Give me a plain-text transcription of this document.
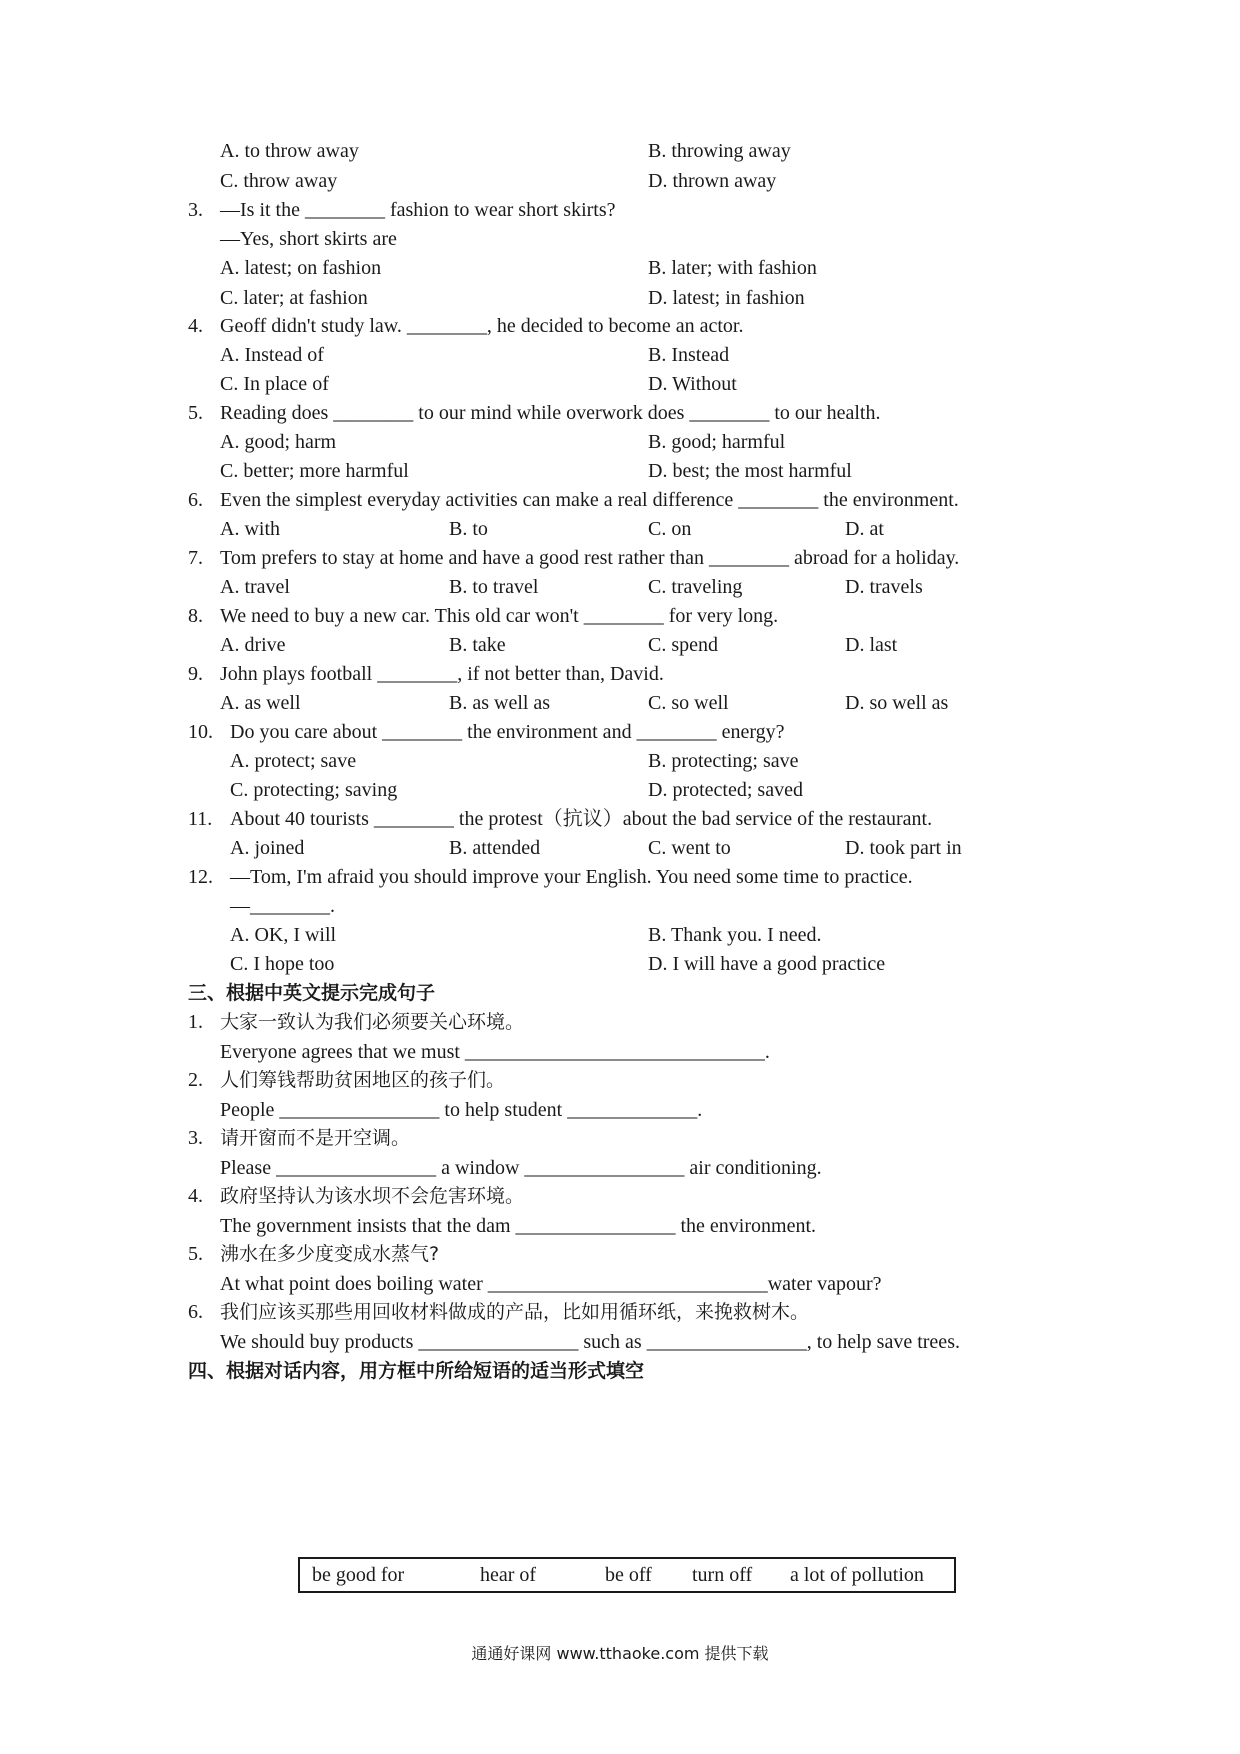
A. to throw away	B. throwing away
C. throw away	D. thrown away
3. —Is it the ________ fashion to wear short skirts?
—Yes, short skirts are
A. latest; on fashion	B. later; with fashion
C. later; at fashion	D. latest; in fashion
4. Geoff didn't study law. ________, he decided to become an actor.
A. Instead of	B. Instead
C. In place of	D. Without
5. Reading does ________ to our mind while overwork does ________ to our health.
A. good; harm	B. good; harmful
C. better; more harmful	D. best; the most harmful
6. Even the simplest everyday activities can make a real difference ________ the environment.
A. with	B. to	C. on	D. at
7. Tom prefers to stay at home and have a good rest rather than ________ abroad for a holiday.
A. travel	B. to travel	C. traveling	D. travels
8. We need to buy a new car. This old car won't ________ for very long.
A. drive	B. take	C. spend	D. last
9. John plays football ________, if not better than, David.
A. as well	B. as well as	C. so well	D. so well as
10. Do you care about ________ the environment and ________ energy?
A. protect; save	B. protecting; save
C. protecting; saving	D. protected; saved
11. About 40 tourists ________ the protest（抗议）about the bad service of the restaurant.
A. joined	B. attended	C. went to	D. took part in
12. —Tom, I'm afraid you should improve your English. You need some time to practice.
—________.
A. OK, I will	B. Thank you. I need.
C. I hope too	D. I will have a good practice
三、根据中英文提示完成句子
1. 大家一致认为我们必须要关心环境。
Everyone agrees that we must ______________________________.
2. 人们筹钱帮助贫困地区的孩子们。
People ________________ to help student _____________.
3. 请开窗而不是开空调。
Please ________________ a window ________________ air conditioning.
4. 政府坚持认为该水坝不会危害环境。
The government insists that the dam ________________ the environment.
5. 沸水在多少度变成水蒸气?
At what point does boiling water ____________________________water vapour?
6. 我们应该买那些用回收材料做成的产品，比如用循环纸，来挽救树木。
We should buy products ________________ such as ________________, to help save trees.
四、根据对话内容，用方框中所给短语的适当形式填空
be good for	hear of	be off turn off a lot of pollution
通通好课网 www.tthaoke.com 提供下载
